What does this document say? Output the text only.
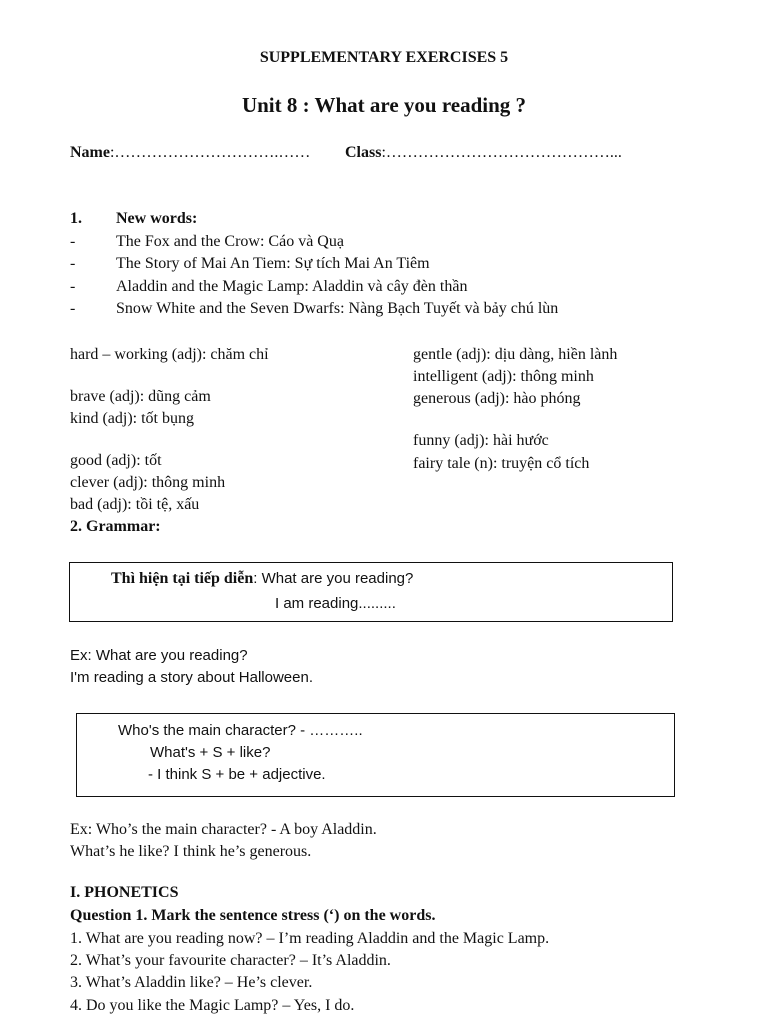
SUPPLEMENTARY EXERCISES 5
Unit 8 : What are you reading ?
Name:………………………….…… Class:……………………………………...
1. New words:
-	The Fox and the Crow: Cáo và Quạ
-	The Story of Mai An Tiem: Sự tích Mai An Tiêm
-	Aladdin and the Magic Lamp: Aladdin và cây đèn thần
-	Snow White and the Seven Dwarfs: Nàng Bạch Tuyết và bảy chú lùn
hard – working (adj): chăm chỉ
brave (adj): dũng cảm
kind (adj): tốt bụng
good (adj): tốt
clever (adj): thông minh
bad (adj): tồi tệ, xấu
gentle (adj): dịu dàng, hiền lành
intelligent (adj): thông minh
generous (adj): hào phóng
funny (adj): hài hước
fairy tale (n): truyện cổ tích
2. Grammar:
Thì hiện tại tiếp diễn: What are you reading?
I am reading.........
Ex: What are you reading?
I'm reading a story about Halloween.
Who's the main character? - ………..
What's + S + like?
- I think S + be + adjective.
Ex: Who’s the main character? - A boy Aladdin.
What’s he like? I think he’s generous.
I. PHONETICS
Question 1. Mark the sentence stress (‘) on the words.
1. What are you reading now? – I’m reading Aladdin and the Magic Lamp.
2. What’s your favourite character? – It’s Aladdin.
3. What’s Aladdin like? – He’s clever.
4. Do you like the Magic Lamp? – Yes, I do.
